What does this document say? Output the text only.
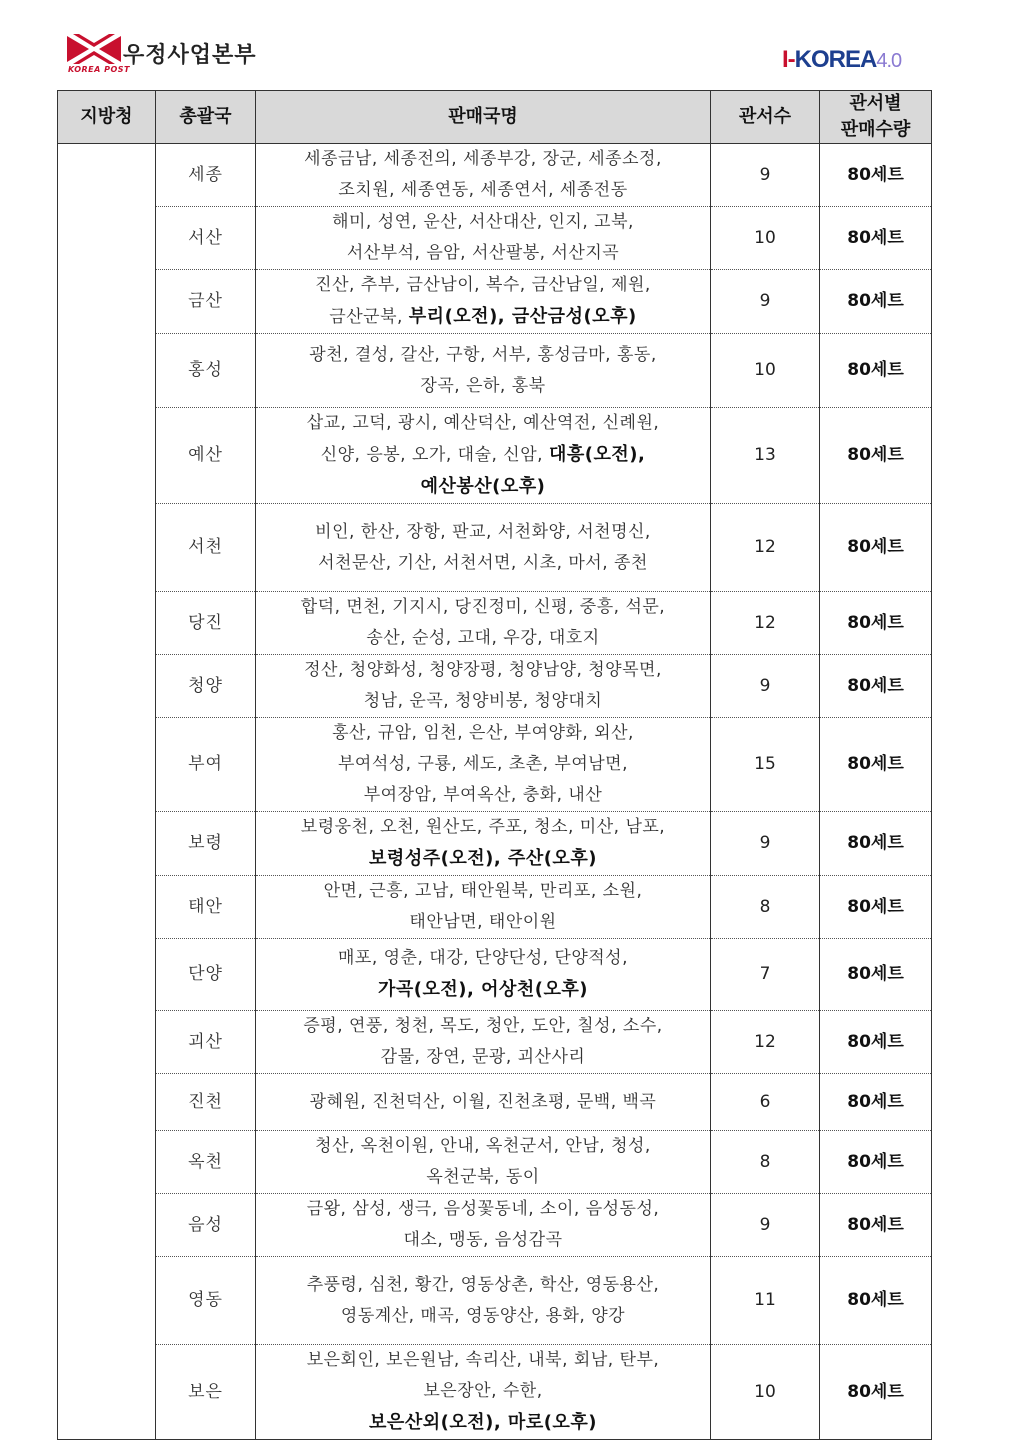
우정사업본부
KOREA POST	I-KOREA4.0
지방청	총괄국	판매국명	관서수	관서별
판매수량
	세종	세종금남, 세종전의, 세종부강, 장군, 세종소정,
조치원, 세종연동, 세종연서, 세종전동	9	80세트
	서산	해미, 성연, 운산, 서산대산, 인지, 고북,
서산부석, 음암, 서산팔봉, 서산지곡	10	80세트
	금산	진산, 추부, 금산남이, 복수, 금산남일, 제원,
금산군북, 부리(오전), 금산금성(오후)	9	80세트
	홍성	광천, 결성, 갈산, 구항, 서부, 홍성금마, 홍동,
장곡, 은하, 홍북	10	80세트
	예산	삽교, 고덕, 광시, 예산덕산, 예산역전, 신례원,
신양, 응봉, 오가, 대술, 신암, 대흥(오전),
예산봉산(오후)	13	80세트
	서천	비인, 한산, 장항, 판교, 서천화양, 서천명신,
서천문산, 기산, 서천서면, 시초, 마서, 종천	12	80세트
	당진	합덕, 면천, 기지시, 당진정미, 신평, 중흥, 석문,
송산, 순성, 고대, 우강, 대호지	12	80세트
	청양	정산, 청양화성, 청양장평, 청양남양, 청양목면,
청남, 운곡, 청양비봉, 청양대치	9	80세트
	부여	홍산, 규암, 임천, 은산, 부여양화, 외산,
부여석성, 구룡, 세도, 초촌, 부여남면,
부여장암, 부여옥산, 충화, 내산	15	80세트
	보령	보령웅천, 오천, 원산도, 주포, 청소, 미산, 남포,
보령성주(오전), 주산(오후)	9	80세트
	태안	안면, 근흥, 고남, 태안원북, 만리포, 소원,
태안남면, 태안이원	8	80세트
	단양	매포, 영춘, 대강, 단양단성, 단양적성,
가곡(오전), 어상천(오후)	7	80세트
	괴산	증평, 연풍, 청천, 목도, 청안, 도안, 칠성, 소수,
감물, 장연, 문광, 괴산사리	12	80세트
	진천	광혜원, 진천덕산, 이월, 진천초평, 문백, 백곡	6	80세트
	옥천	청산, 옥천이원, 안내, 옥천군서, 안남, 청성,
옥천군북, 동이	8	80세트
	음성	금왕, 삼성, 생극, 음성꽃동네, 소이, 음성동성,
대소, 맹동, 음성감곡	9	80세트
	영동	추풍령, 심천, 황간, 영동상촌, 학산, 영동용산,
영동계산, 매곡, 영동양산, 용화, 양강	11	80세트
	보은	보은회인, 보은원남, 속리산, 내북, 회남, 탄부,
보은장안, 수한,
보은산외(오전), 마로(오후)	10	80세트
